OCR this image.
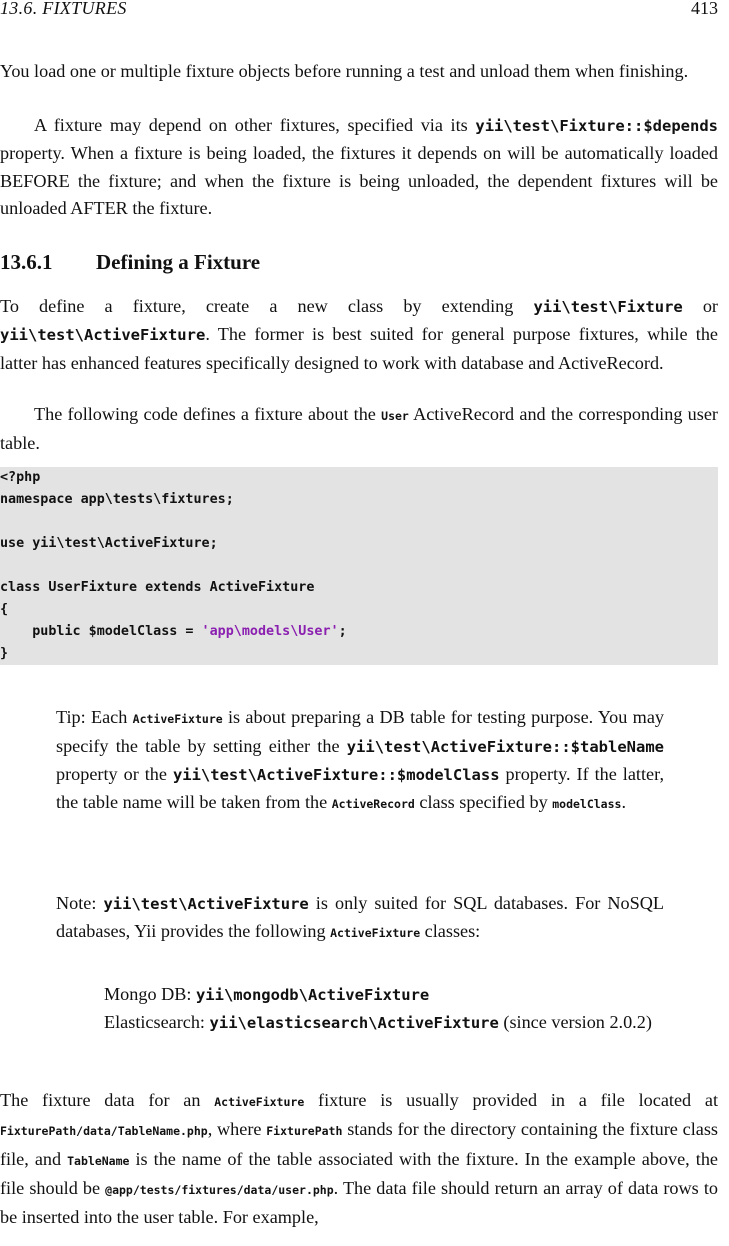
13.6. FIXTURES	413

You load one or multiple fixture objects before running a test and unload them when finishing.

A fixture may depend on other fixtures, specified via its yii\test\Fixture::$depends property. When a fixture is being loaded, the fixtures it depends on will be automatically loaded BEFORE the fixture; and when the fixture is being unloaded, the dependent fixtures will be unloaded AFTER the fixture.

13.6.1 Defining a Fixture

To define a fixture, create a new class by extending yii\test\Fixture or yii\test\ActiveFixture. The former is best suited for general purpose fixtures, while the latter has enhanced features specifically designed to work with database and ActiveRecord.

The following code defines a fixture about the User ActiveRecord and the corresponding user table.

<?php
namespace app\tests\fixtures;
use yii\test\ActiveFixture;
class UserFixture extends ActiveFixture
{
public $modelClass = 'app\models\User';
}

Tip: Each ActiveFixture is about preparing a DB table for testing purpose. You may specify the table by setting either the yii\test\ActiveFixture::$tableName property or the yii\test\ActiveFixture::$modelClass property. If the latter, the table name will be taken from the ActiveRecord class specified by modelClass.

Note: yii\test\ActiveFixture is only suited for SQL databases. For NoSQL databases, Yii provides the following ActiveFixture classes:

Mongo DB: yii\mongodb\ActiveFixture

Elasticsearch: yii\elasticsearch\ActiveFixture (since version 2.0.2)

The fixture data for an ActiveFixture fixture is usually provided in a file located at FixturePath/data/TableName.php, where FixturePath stands for the directory containing the fixture class file, and TableName is the name of the table associated with the fixture. In the example above, the file should be @app/tests/fixtures/data/user.php. The data file should return an array of data rows to be inserted into the user table. For example,
